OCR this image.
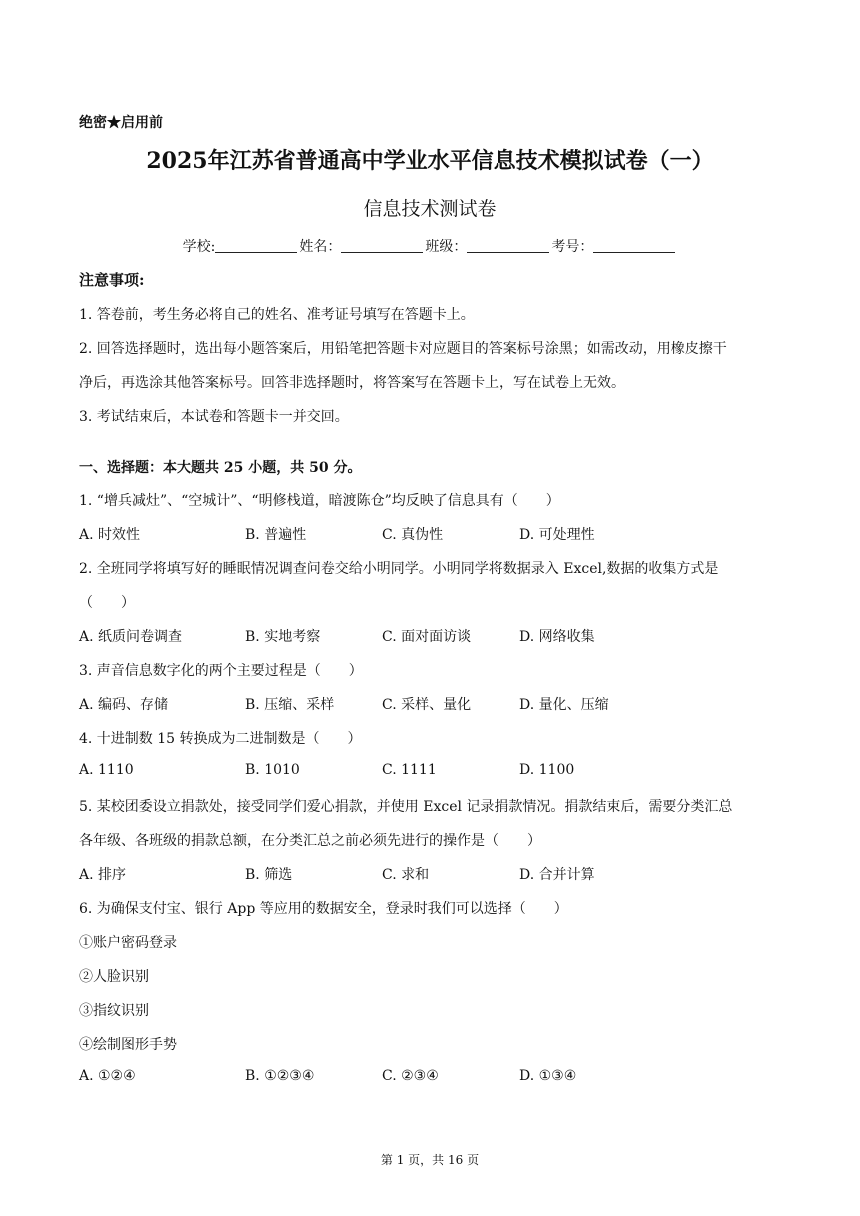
绝密★启用前
2025年江苏省普通高中学业水平信息技术模拟试卷（一）
信息技术测试卷
学校:	姓名：	班级：	考号：
注意事项:
1. 答卷前，考生务必将自己的姓名、准考证号填写在答题卡上。
2. 回答选择题时，选出每小题答案后，用铅笔把答题卡对应题目的答案标号涂黑；如需改动，用橡皮擦干
净后，再选涂其他答案标号。回答非选择题时，将答案写在答题卡上，写在试卷上无效。
3. 考试结束后，本试卷和答题卡一并交回。
一、选择题：本大题共 25 小题，共 50 分。
1. “增兵减灶”、“空城计”、“明修栈道，暗渡陈仓”均反映了信息具有（　　）
A. 时效性	B. 普遍性	C. 真伪性	D. 可处理性
2. 全班同学将填写好的睡眠情况调查问卷交给小明同学。小明同学将数据录入 Excel,数据的收集方式是
（　　）
A. 纸质问卷调查	B. 实地考察	C. 面对面访谈	D. 网络收集
3. 声音信息数字化的两个主要过程是（　　）
A. 编码、存储	B. 压缩、采样	C. 采样、量化	D. 量化、压缩
4. 十进制数 15 转换成为二进制数是（　　）
A. 1110	B. 1010	C. 1111	D. 1100
5. 某校团委设立捐款处，接受同学们爱心捐款，并使用 Excel 记录捐款情况。捐款结束后，需要分类汇总
各年级、各班级的捐款总额，在分类汇总之前必须先进行的操作是（　　）
A. 排序	B. 筛选	C. 求和	D. 合并计算
6. 为确保支付宝、银行 App 等应用的数据安全，登录时我们可以选择（　　）
①账户密码登录
②人脸识别
③指纹识别
④绘制图形手势
A. ①②④	B. ①②③④	C. ②③④	D. ①③④
第 1 页，共 16 页
